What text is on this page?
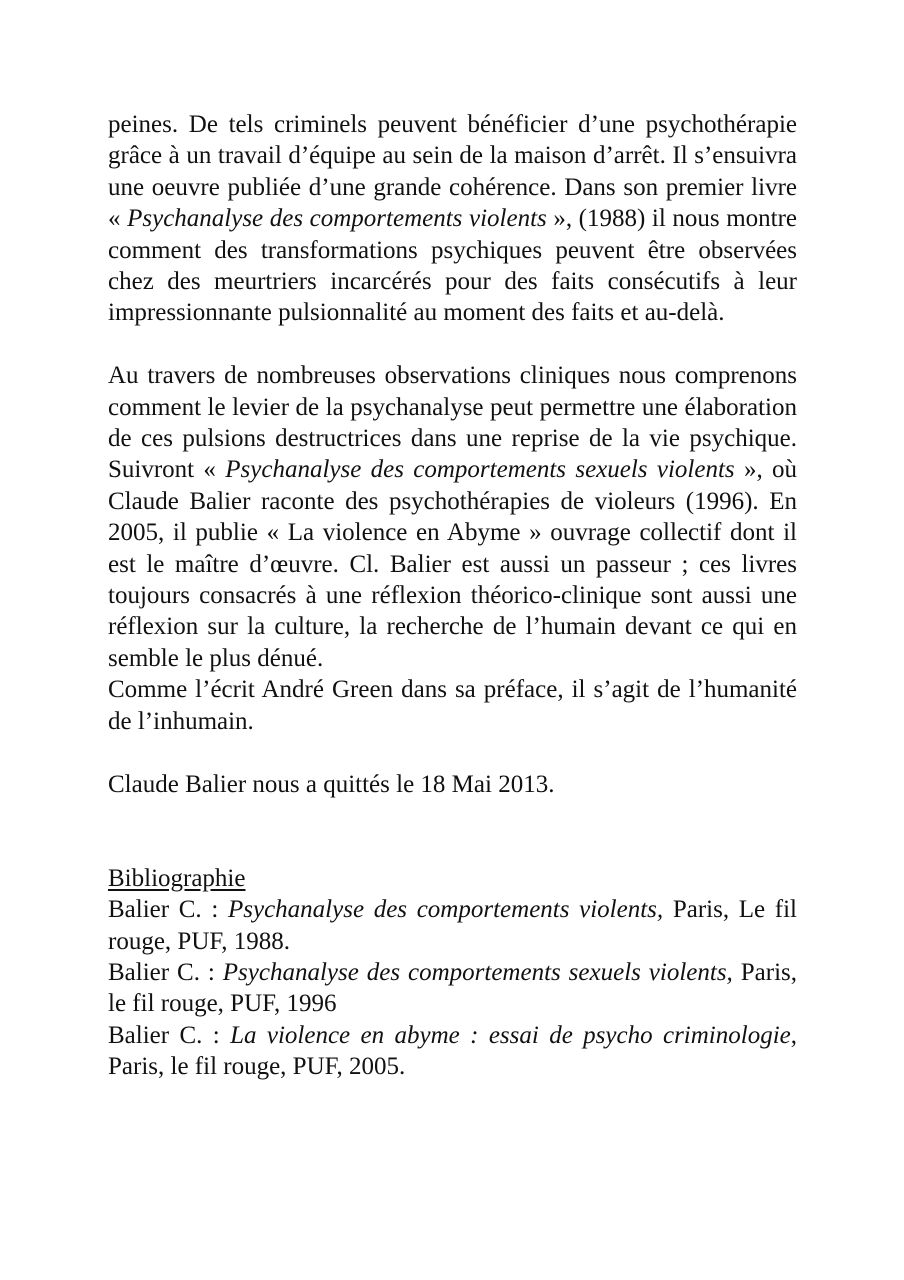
peines. De tels criminels peuvent bénéficier d’une psychothérapie grâce à un travail d’équipe au sein de la maison d’arrêt. Il s’ensuivra une oeuvre publiée d’une grande cohérence. Dans son premier livre « Psychanalyse des comportements violents », (1988) il nous montre comment des transformations psychiques peuvent être observées chez des meurtriers incarcérés pour des faits consécutifs à leur impressionnante pulsionnalité au moment des faits et au-delà.

Au travers de nombreuses observations cliniques nous comprenons comment le levier de la psychanalyse peut permettre une élaboration de ces pulsions destructrices dans une reprise de la vie psychique. Suivront « Psychanalyse des comportements sexuels violents », où Claude Balier raconte des psychothérapies de violeurs (1996). En 2005, il publie « La violence en Abyme » ouvrage collectif dont il est le maître d’œuvre. Cl. Balier est aussi un passeur ; ces livres toujours consacrés à une réflexion théorico-clinique sont aussi une réflexion sur la culture, la recherche de l’humain devant ce qui en semble le plus dénué.

Comme l’écrit André Green dans sa préface, il s’agit de l’humanité de l’inhumain.

Claude Balier nous a quittés le 18 Mai 2013.

Bibliographie

Balier C. : Psychanalyse des comportements violents, Paris, Le fil rouge, PUF, 1988.

Balier C. : Psychanalyse des comportements sexuels violents, Paris, le fil rouge, PUF, 1996

Balier C. : La violence en abyme : essai de psycho criminologie, Paris, le fil rouge, PUF, 2005.
